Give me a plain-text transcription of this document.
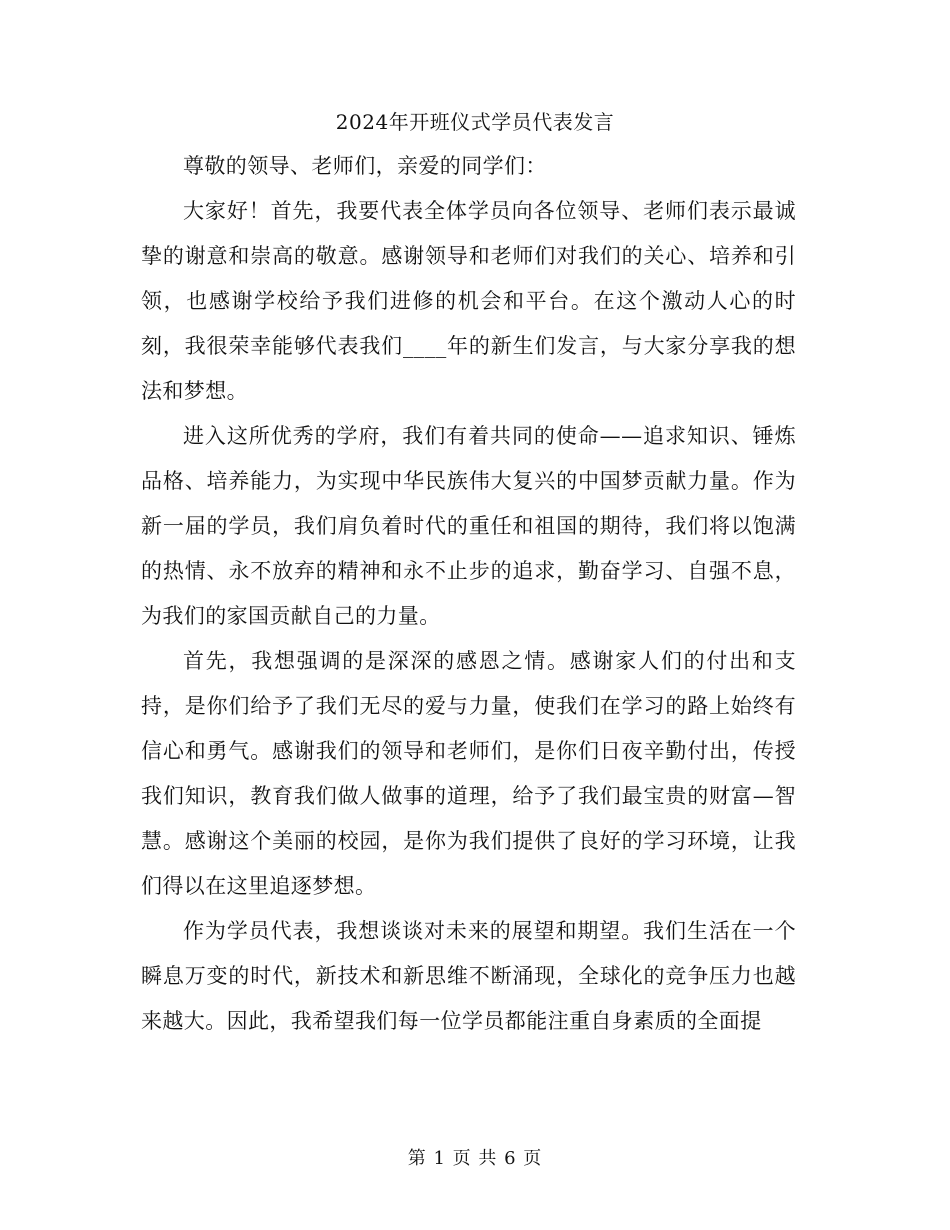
2024年开班仪式学员代表发言

尊敬的领导、老师们，亲爱的同学们：

大家好！首先，我要代表全体学员向各位领导、老师们表示最诚挚的谢意和崇高的敬意。感谢领导和老师们对我们的关心、培养和引领，也感谢学校给予我们进修的机会和平台。在这个激动人心的时刻，我很荣幸能够代表我们____年的新生们发言，与大家分享我的想法和梦想。

进入这所优秀的学府，我们有着共同的使命——追求知识、锤炼品格、培养能力，为实现中华民族伟大复兴的中国梦贡献力量。作为新一届的学员，我们肩负着时代的重任和祖国的期待，我们将以饱满的热情、永不放弃的精神和永不止步的追求，勤奋学习、自强不息，为我们的家国贡献自己的力量。

首先，我想强调的是深深的感恩之情。感谢家人们的付出和支持，是你们给予了我们无尽的爱与力量，使我们在学习的路上始终有信心和勇气。感谢我们的领导和老师们，是你们日夜辛勤付出，传授我们知识，教育我们做人做事的道理，给予了我们最宝贵的财富—智慧。感谢这个美丽的校园，是你为我们提供了良好的学习环境，让我们得以在这里追逐梦想。

作为学员代表，我想谈谈对未来的展望和期望。我们生活在一个瞬息万变的时代，新技术和新思维不断涌现，全球化的竞争压力也越来越大。因此，我希望我们每一位学员都能注重自身素质的全面提

第 1 页 共 6 页
